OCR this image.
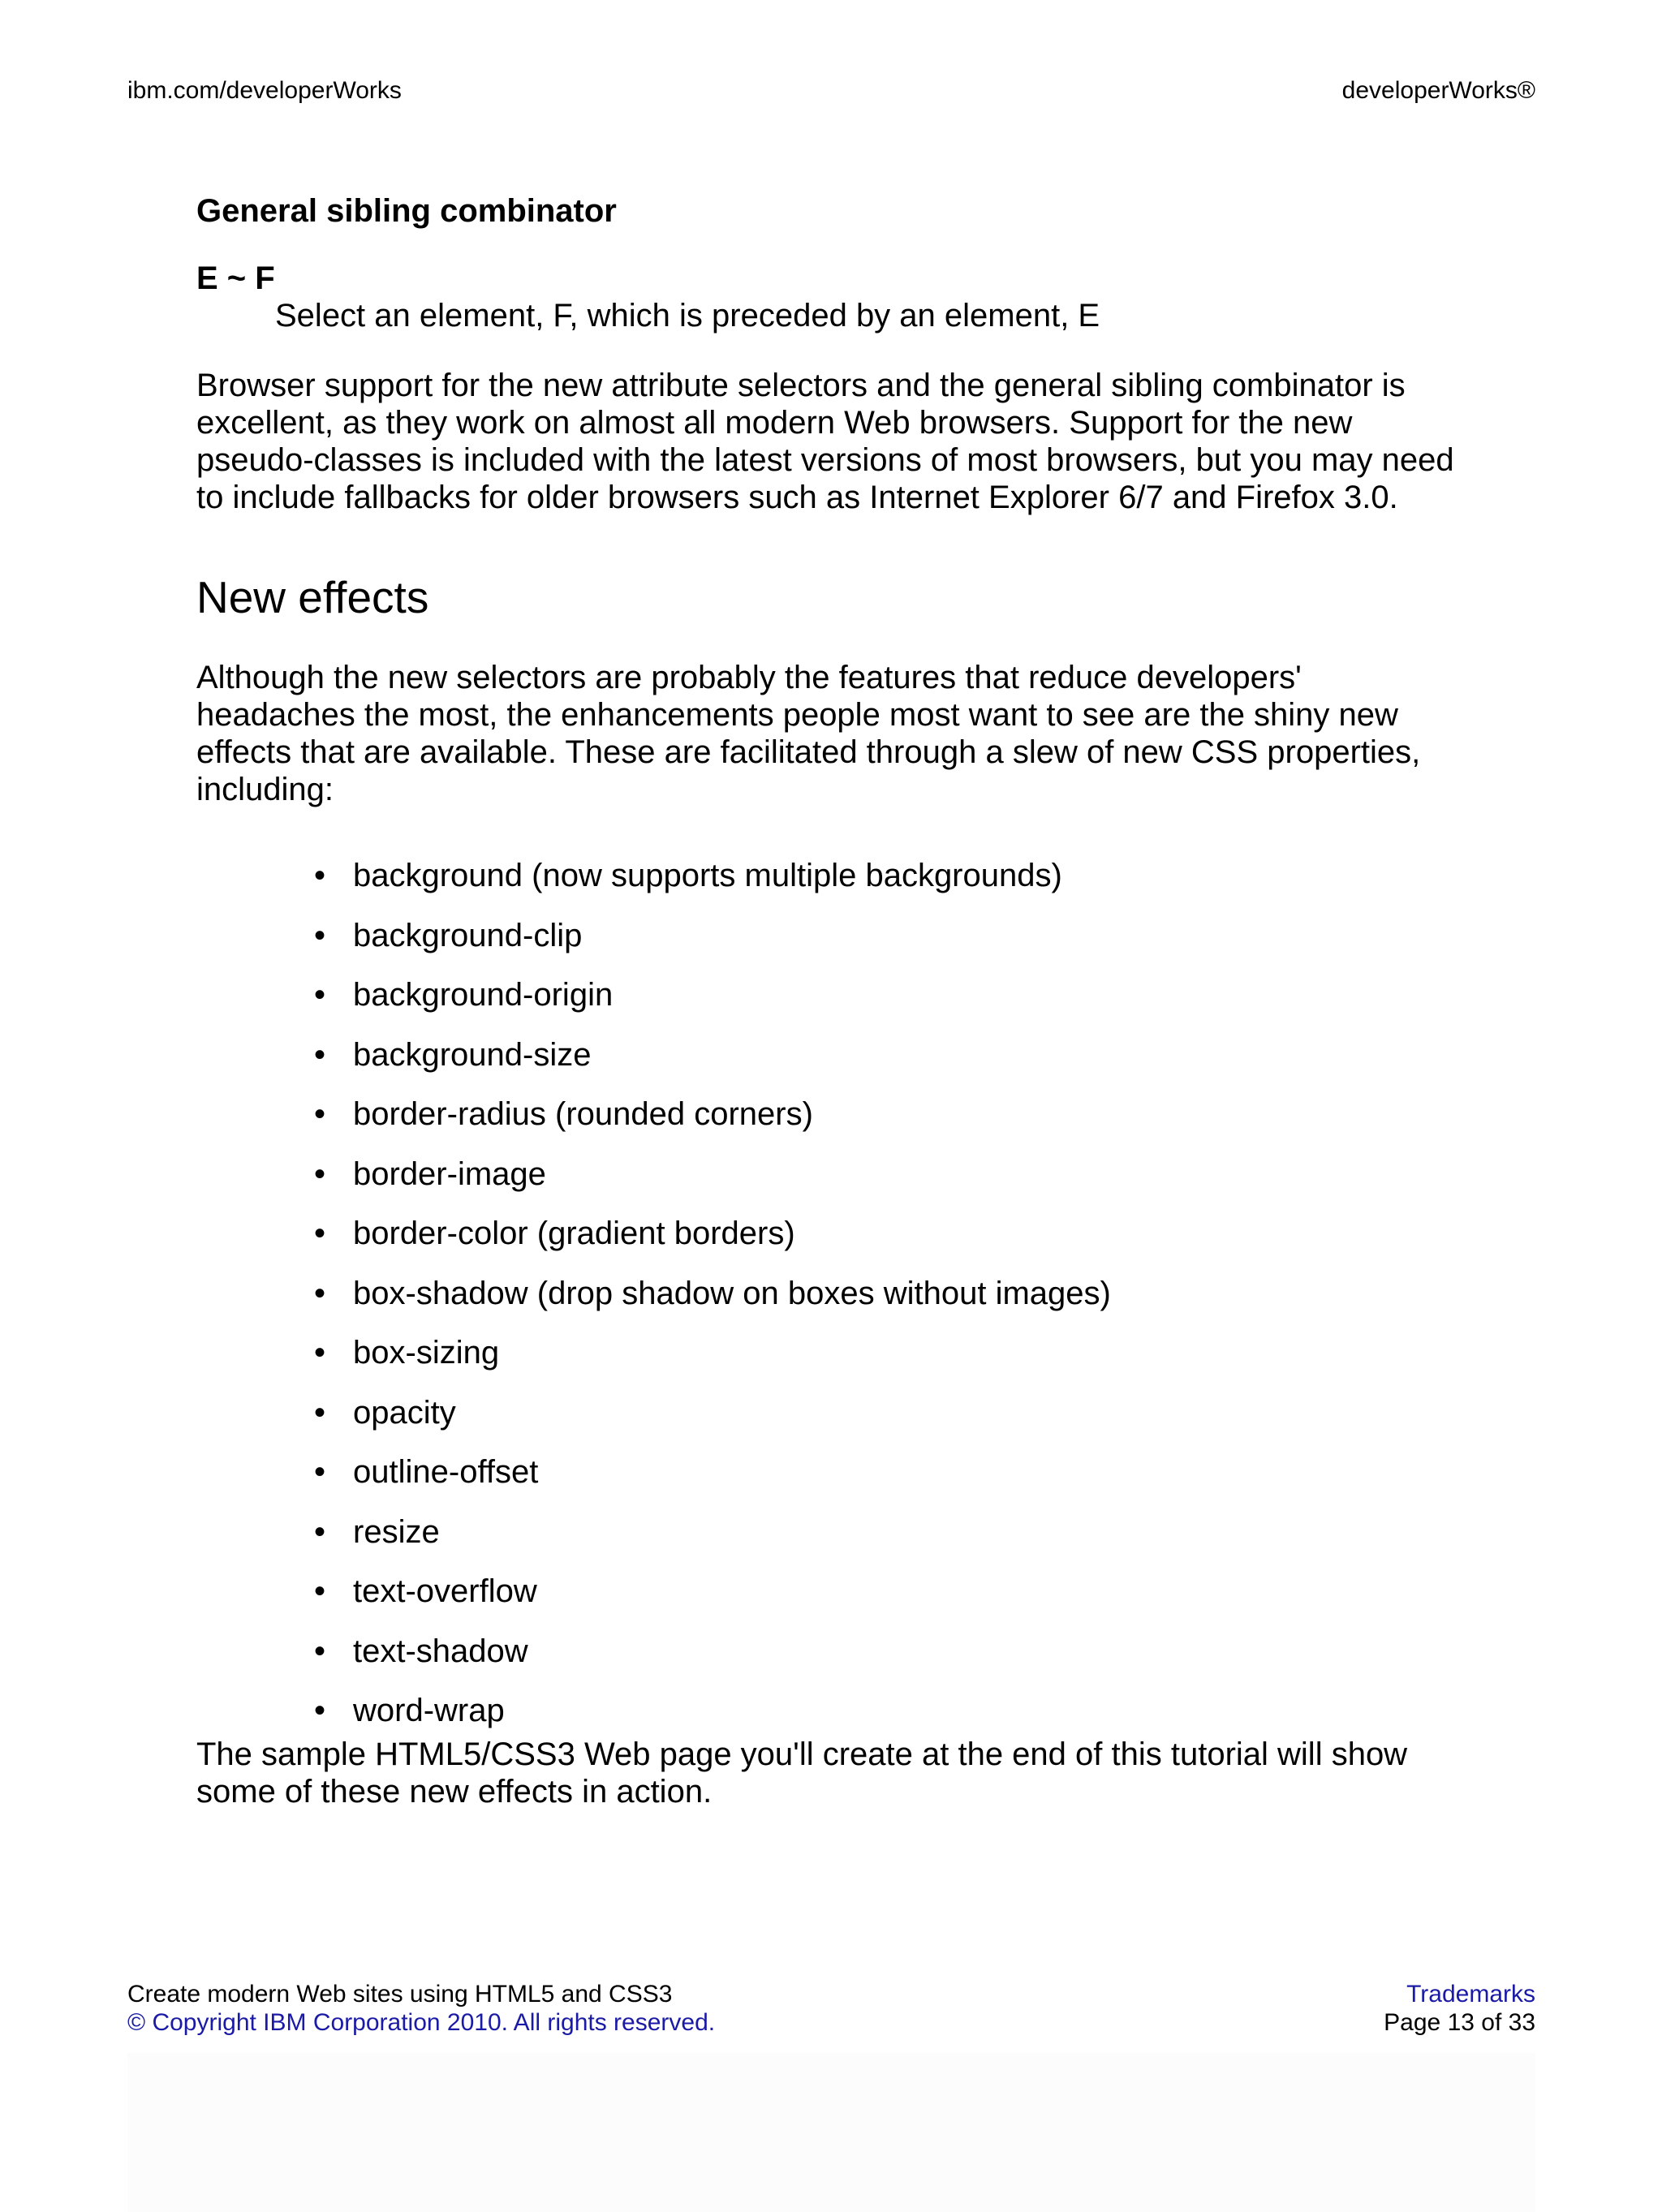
ibm.com/developerWorks	developerWorks®
General sibling combinator
E ~ F
Select an element, F, which is preceded by an element, E

Browser support for the new attribute selectors and the general sibling combinator is excellent, as they work on almost all modern Web browsers. Support for the new pseudo-classes is included with the latest versions of most browsers, but you may need to include fallbacks for older browsers such as Internet Explorer 6/7 and Firefox 3.0.

New effects

Although the new selectors are probably the features that reduce developers' headaches the most, the enhancements people most want to see are the shiny new effects that are available. These are facilitated through a slew of new CSS properties, including:

• background (now supports multiple backgrounds)
• background-clip
• background-origin
• background-size
• border-radius (rounded corners)
• border-image
• border-color (gradient borders)
• box-shadow (drop shadow on boxes without images)
• box-sizing
• opacity
• outline-offset
• resize
• text-overflow
• text-shadow
• word-wrap

The sample HTML5/CSS3 Web page you'll create at the end of this tutorial will show some of these new effects in action.

Create modern Web sites using HTML5 and CSS3
© Copyright IBM Corporation 2010. All rights reserved.
Trademarks
Page 13 of 33
